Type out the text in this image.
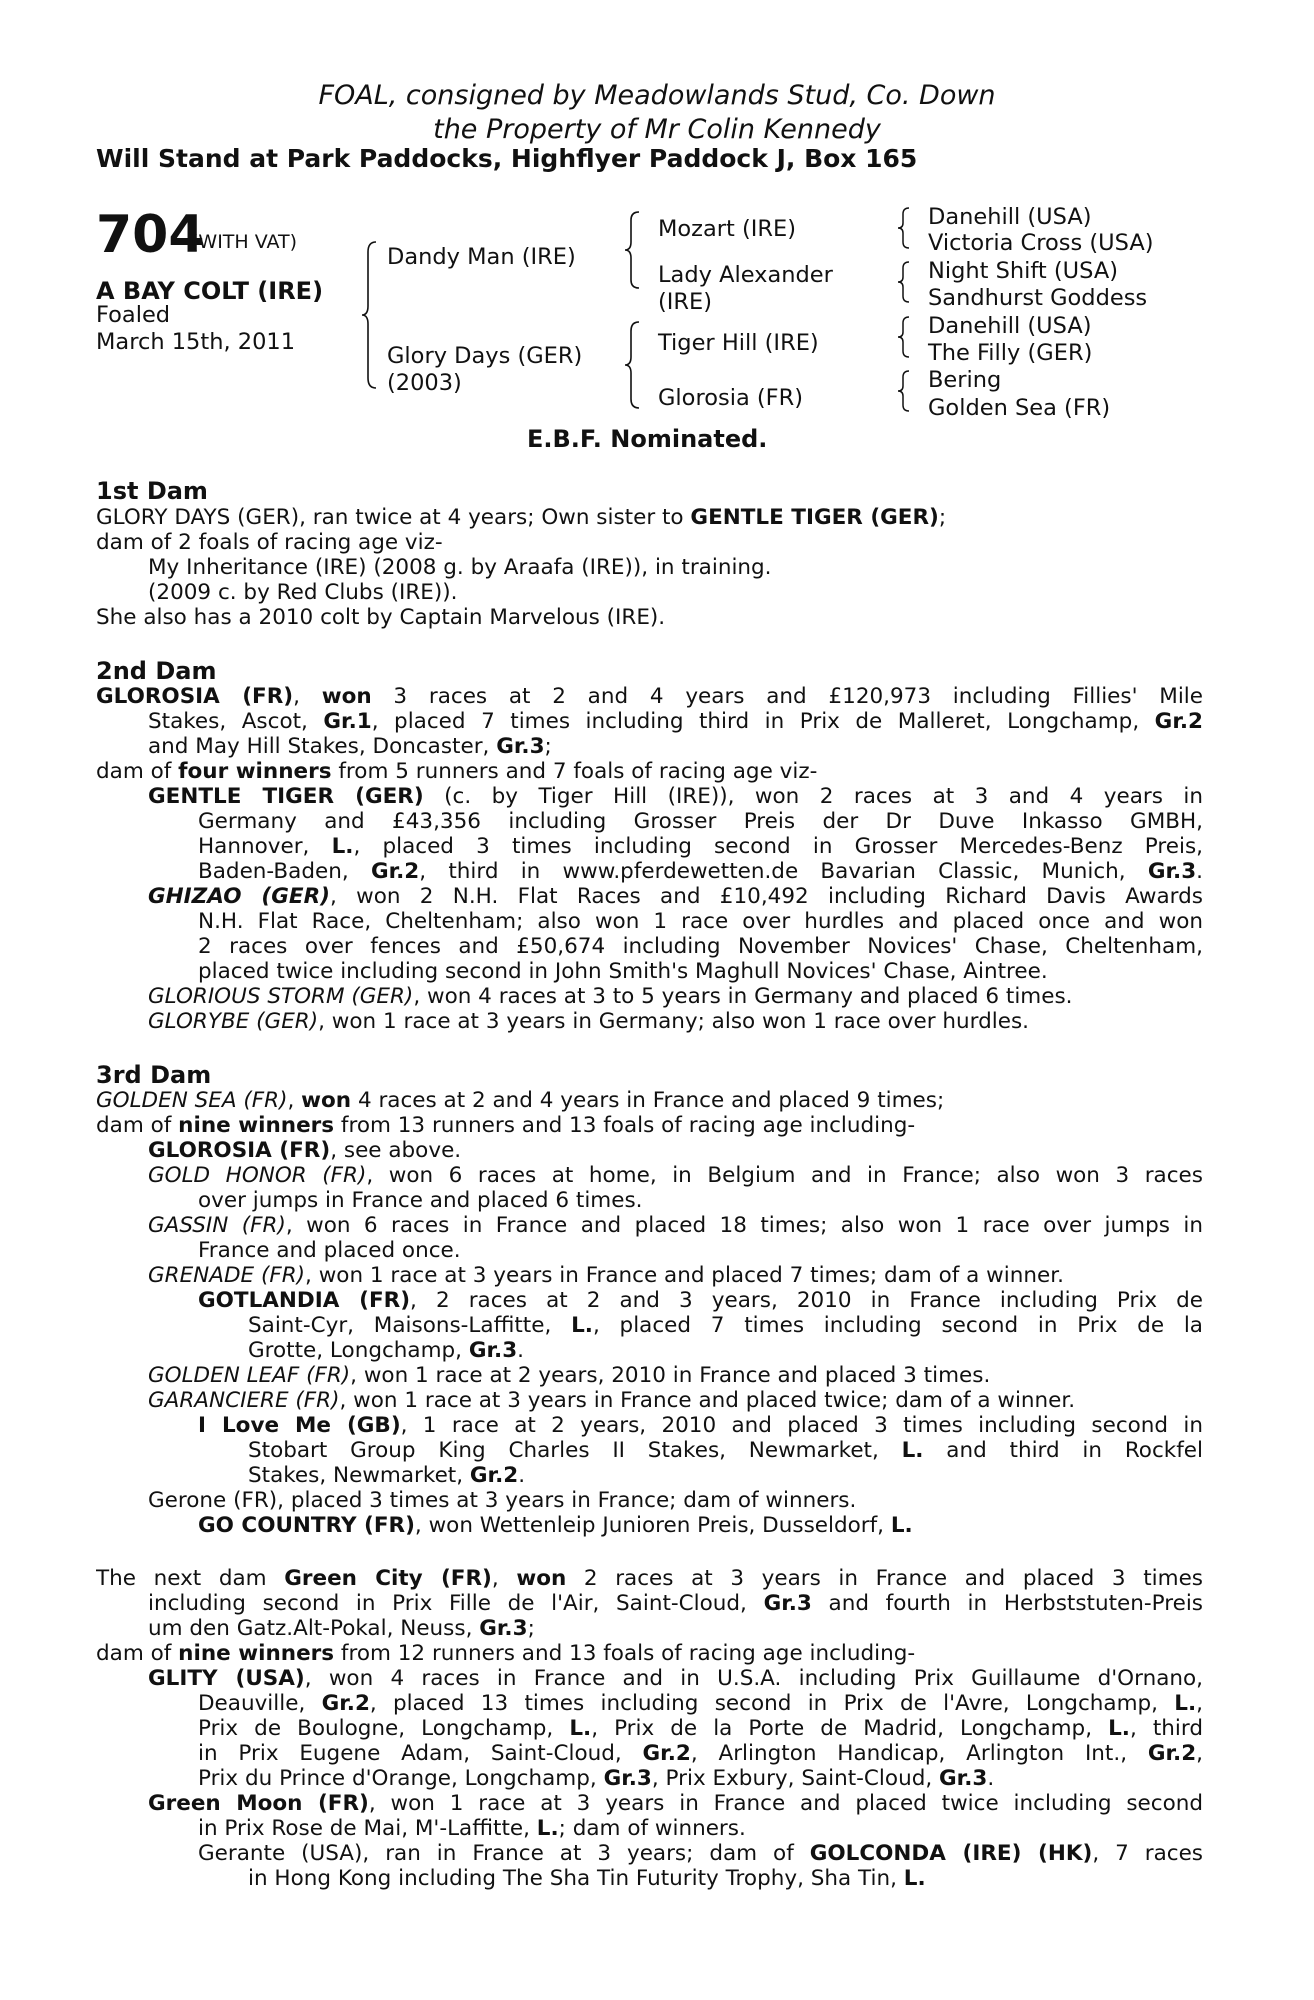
FOAL, consigned by Meadowlands Stud, Co. Down
the Property of Mr Colin Kennedy
Will Stand at Park Paddocks, Highflyer Paddock J, Box 165
704
(WITH VAT)
A BAY COLT (IRE)
Foaled
March 15th, 2011
Dandy Man (IRE)
Glory Days (GER)
(2003)
Mozart (IRE)
Lady Alexander
(IRE)
Tiger Hill (IRE)
Glorosia (FR)
Danehill (USA)
Victoria Cross (USA)
Night Shift (USA)
Sandhurst Goddess
Danehill (USA)
The Filly (GER)
Bering
Golden Sea (FR)
E.B.F. Nominated.
1st Dam
GLORY DAYS (GER), ran twice at 4 years; Own sister to GENTLE TIGER (GER);
dam of 2 foals of racing age viz-
My Inheritance (IRE) (2008 g. by Araafa (IRE)), in training.
(2009 c. by Red Clubs (IRE)).
She also has a 2010 colt by Captain Marvelous (IRE).
2nd Dam
GLOROSIA (FR), won 3 races at 2 and 4 years and £120,973 including Fillies' Mile
Stakes, Ascot, Gr.1, placed 7 times including third in Prix de Malleret, Longchamp, Gr.2
and May Hill Stakes, Doncaster, Gr.3;
dam of four winners from 5 runners and 7 foals of racing age viz-
GENTLE TIGER (GER) (c. by Tiger Hill (IRE)), won 2 races at 3 and 4 years in
Germany and £43,356 including Grosser Preis der Dr Duve Inkasso GMBH,
Hannover, L., placed 3 times including second in Grosser Mercedes-Benz Preis,
Baden-Baden, Gr.2, third in www.pferdewetten.de Bavarian Classic, Munich, Gr.3.
GHIZAO (GER), won 2 N.H. Flat Races and £10,492 including Richard Davis Awards
N.H. Flat Race, Cheltenham; also won 1 race over hurdles and placed once and won
2 races over fences and £50,674 including November Novices' Chase, Cheltenham,
placed twice including second in John Smith's Maghull Novices' Chase, Aintree.
GLORIOUS STORM (GER), won 4 races at 3 to 5 years in Germany and placed 6 times.
GLORYBE (GER), won 1 race at 3 years in Germany; also won 1 race over hurdles.
3rd Dam
GOLDEN SEA (FR), won 4 races at 2 and 4 years in France and placed 9 times;
dam of nine winners from 13 runners and 13 foals of racing age including-
GLOROSIA (FR), see above.
GOLD HONOR (FR), won 6 races at home, in Belgium and in France; also won 3 races
over jumps in France and placed 6 times.
GASSIN (FR), won 6 races in France and placed 18 times; also won 1 race over jumps in
France and placed once.
GRENADE (FR), won 1 race at 3 years in France and placed 7 times; dam of a winner.
GOTLANDIA (FR), 2 races at 2 and 3 years, 2010 in France including Prix de
Saint-Cyr, Maisons-Laffitte, L., placed 7 times including second in Prix de la
Grotte, Longchamp, Gr.3.
GOLDEN LEAF (FR), won 1 race at 2 years, 2010 in France and placed 3 times.
GARANCIERE (FR), won 1 race at 3 years in France and placed twice; dam of a winner.
I Love Me (GB), 1 race at 2 years, 2010 and placed 3 times including second in
Stobart Group King Charles II Stakes, Newmarket, L. and third in Rockfel
Stakes, Newmarket, Gr.2.
Gerone (FR), placed 3 times at 3 years in France; dam of winners.
GO COUNTRY (FR), won Wettenleip Junioren Preis, Dusseldorf, L.
The next dam Green City (FR), won 2 races at 3 years in France and placed 3 times
including second in Prix Fille de l'Air, Saint-Cloud, Gr.3 and fourth in Herbststuten-Preis
um den Gatz.Alt-Pokal, Neuss, Gr.3;
dam of nine winners from 12 runners and 13 foals of racing age including-
GLITY (USA), won 4 races in France and in U.S.A. including Prix Guillaume d'Ornano,
Deauville, Gr.2, placed 13 times including second in Prix de l'Avre, Longchamp, L.,
Prix de Boulogne, Longchamp, L., Prix de la Porte de Madrid, Longchamp, L., third
in Prix Eugene Adam, Saint-Cloud, Gr.2, Arlington Handicap, Arlington Int., Gr.2,
Prix du Prince d'Orange, Longchamp, Gr.3, Prix Exbury, Saint-Cloud, Gr.3.
Green Moon (FR), won 1 race at 3 years in France and placed twice including second
in Prix Rose de Mai, M'-Laffitte, L.; dam of winners.
Gerante (USA), ran in France at 3 years; dam of GOLCONDA (IRE) (HK), 7 races
in Hong Kong including The Sha Tin Futurity Trophy, Sha Tin, L.
